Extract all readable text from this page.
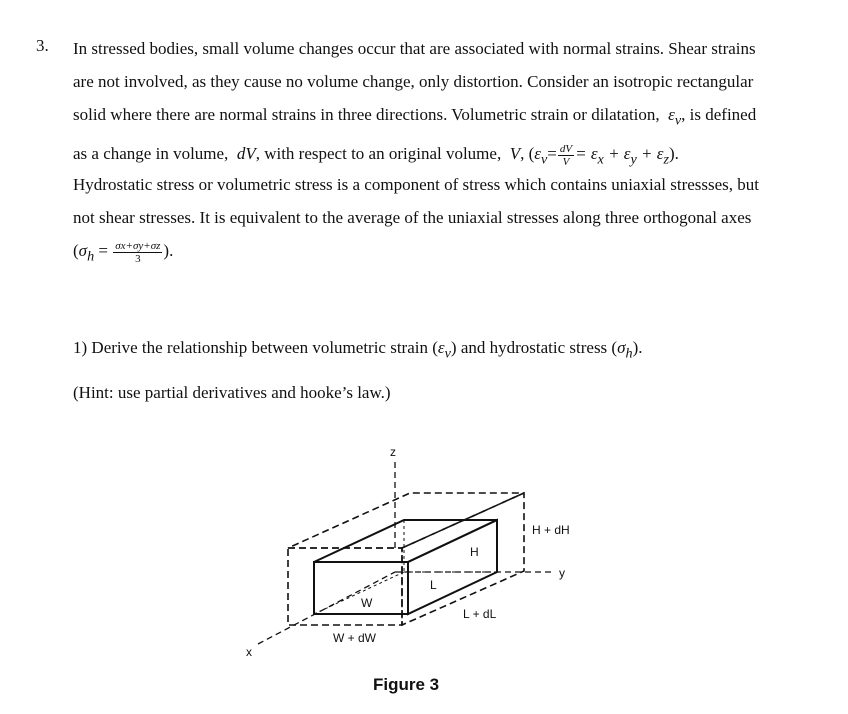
3. In stressed bodies, small volume changes occur that are associated with normal strains. Shear strains
are not involved, as they cause no volume change, only distortion. Consider an isotropic rectangular
solid where there are normal strains in three directions. Volumetric strain or dilatation, $\varepsilon_v$, is defined
as a change in volume, dV, with respect to an original volume, V, $(\varepsilon_v= \frac{dV}{V} = \varepsilon_x + \varepsilon_y + \varepsilon_z)$.
Hydrostatic stress or volumetric stress is a component of stress which contains uniaxial stressses, but
not shear stresses. It is equivalent to the average of the uniaxial stresses along three orthogonal axes
($\sigma_h = \frac{\sigma x+\sigma y+\sigma z}{3}$ ).
1) Derive the relationship between volumetric strain $(\varepsilon_v)$ and hydrostatic stress $(\sigma_h)$.
(Hint: use partial derivatives and hooke’s law.)
z
x
y
H
L
W
H + dH
L + dL
W + dW
Figure 3
